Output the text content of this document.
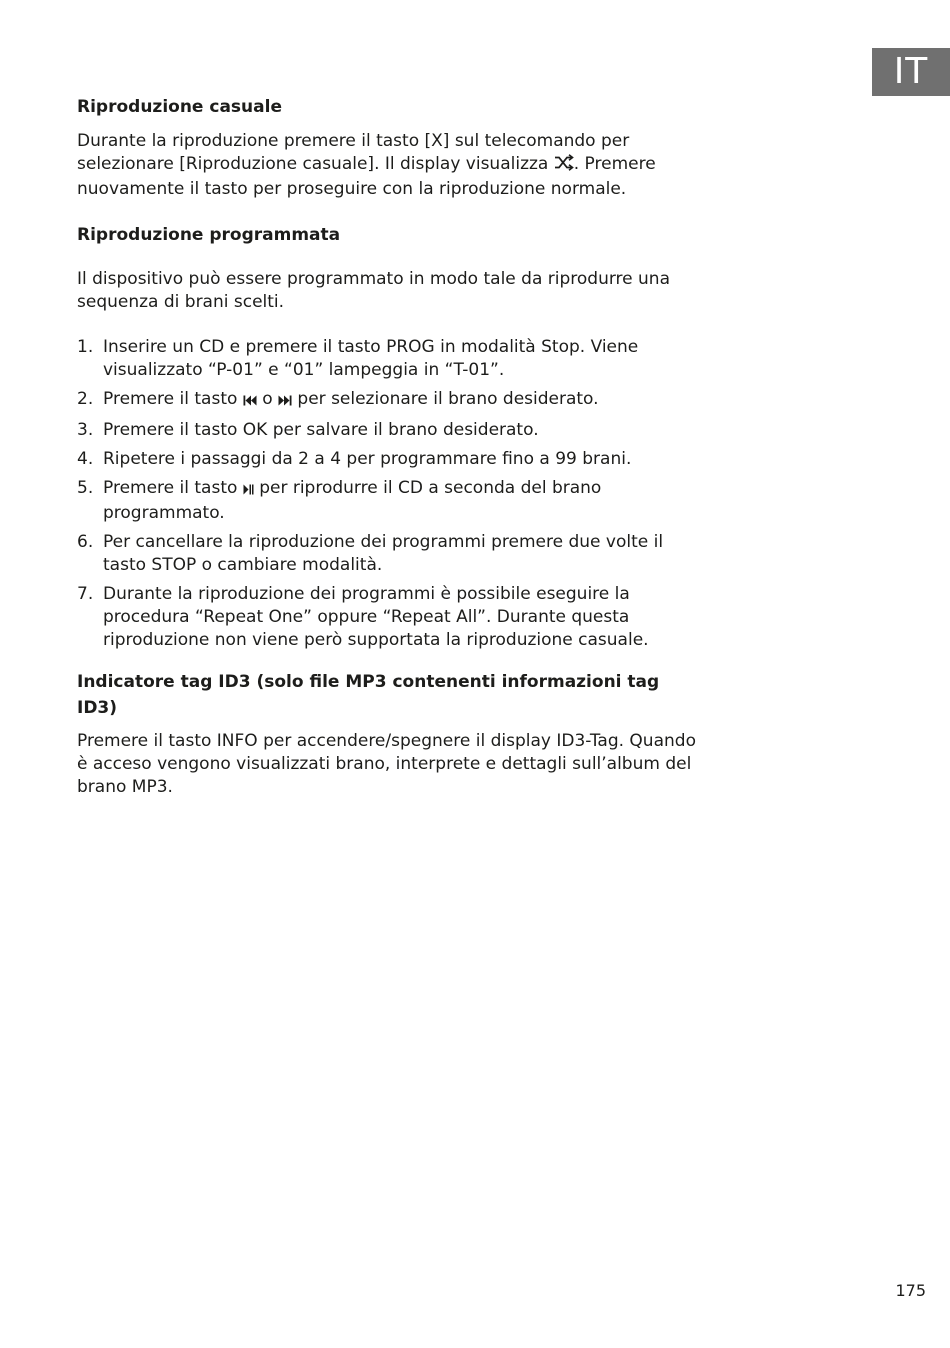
IT
Riproduzione casuale

Durante la riproduzione premere il tasto [X] sul telecomando per selezionare [Riproduzione casuale]. Il display visualizza . Premere nuovamente il tasto per proseguire con la riproduzione normale.

Riproduzione programmata

Il dispositivo può essere programmato in modo tale da riprodurre una sequenza di brani scelti.

1. Inserire un CD e premere il tasto PROG in modalità Stop. Viene visualizzato “P-01” e “01” lampeggia in “T-01”.
2. Premere il tasto  o  per selezionare il brano desiderato.
3. Premere il tasto OK per salvare il brano desiderato.
4. Ripetere i passaggi da 2 a 4 per programmare fino a 99 brani.
5. Premere il tasto  per riprodurre il CD a seconda del brano programmato.
6. Per cancellare la riproduzione dei programmi premere due volte il tasto STOP o cambiare modalità.
7. Durante la riproduzione dei programmi è possibile eseguire la procedura “Repeat One” oppure “Repeat All”. Durante questa riproduzione non viene però supportata la riproduzione casuale.
Indicatore tag ID3 (solo file MP3 contenenti informazioni tag ID3)

Premere il tasto INFO per accendere/spegnere il display ID3-Tag. Quando è acceso vengono visualizzati brano, interprete e dettagli sull’album del brano MP3.

175
